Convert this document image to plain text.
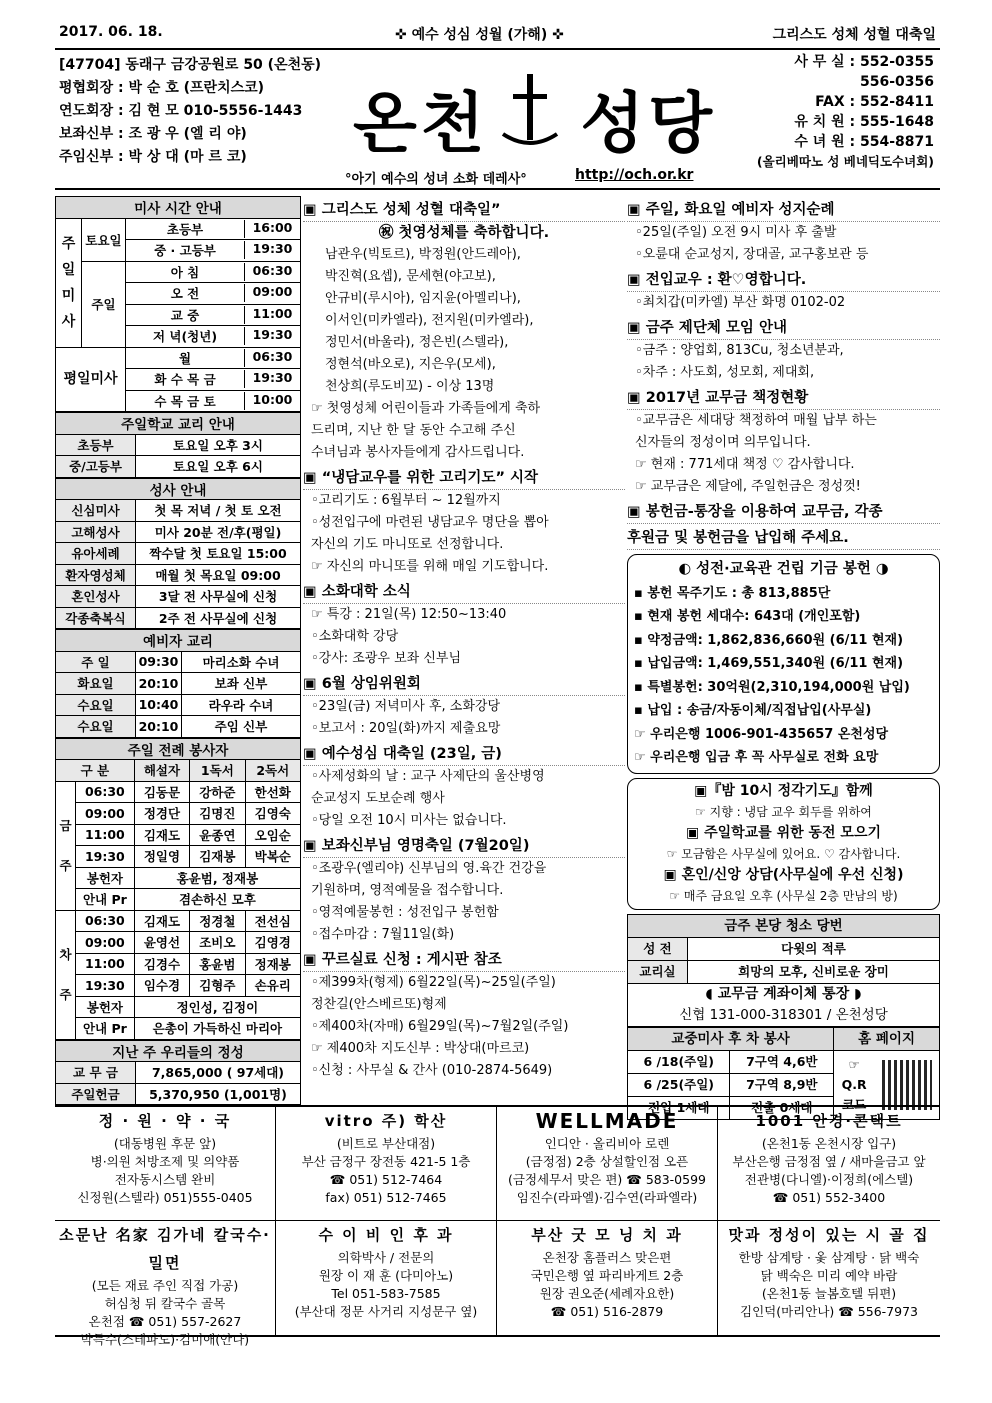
2017. 06. 18.	✜ 예수 성심 성월 (가해) ✜	그리스도 성체 성혈 대축일
[47704] 동래구 금강공원로 50 (온천동)
평협회장 : 박 순 호 (프란치스코)
연도회장 : 김 현 모 010-5556-1443
보좌신부 : 조 광 우 (엘 리 야)
주임신부 : 박 상 대 (마 르 코)	온천 성당
°아기 예수의 성녀 소화 데레사°	http://och.or.kr
사 무 실 : 552-0355
556-0356
FAX : 552-8411
유 치 원 : 555-1648
수 녀 원 : 554-8871
(올리베따노 성 베네딕도수녀회)
미사 시간 안내		
주일미사	토요일	초등부 16:00

		중 · 고등부 19:30

	주일	아 침 06:30

		오 전 09:00

		교 중 11:00

		저 녁(청년) 19:30

평일미사		월 06:30

		화 수 목 금 19:30

		수 목 금 토 10:00
주일학교 교리 안내	
초등부	토요일 오후 3시
중/고등부	토요일 오후 6시
성사 안내	
신심미사	첫 목 저녁 / 첫 토 오전
고해성사	미사 20분 전/후(평일)
유아세례	짝수달 첫 토요일 15:00
환자영성체	매월 첫 목요일 09:00
혼인성사	3달 전 사무실에 신청
각종축복식	2주 전 사무실에 신청
예비자 교리		
주 일	09:30	마리소화 수녀
화요일	20:10	보좌 신부
수요일	10:40	라우라 수녀
수요일	20:10	주임 신부
주일 전례 봉사자				
구 분		해설자	1독서	2독서
금주	06:30	김동문	강하준	한선화
	09:00	정경단	김명진	김영숙
	11:00	김재도	윤종연	오임순
	19:30	정일영	김재봉	박복순
	봉헌자	홍윤범, 정재봉		
	안내 Pr	겸손하신 모후		
차주	06:30	김재도	정경철	전선심
	09:00	윤영선	조비오	김영경
	11:00	김경수	홍윤범	정재봉
	19:30	임수경	김형주	손유리
	봉헌자	정인성, 김정이		
	안내 Pr	은총이 가득하신 마리아		
지난 주 우리들의 정성	
교 무 금	7,865,000 ( 97세대)
주일헌금	5,370,950 (1,001명)
▣ 그리스도 성체 성혈 대축일”
㊗ 첫영성체를 축하합니다.
남관우(빅토르), 박정원(안드레아),
박진혁(요셉), 문세현(야고보),
안규비(루시아), 임지윤(아멜리나),
이서인(미카엘라), 전지원(미카엘라),
정민서(바울라), 정은빈(스텔라),
정현석(바오로), 지은우(모세),
천상희(루도비꼬) - 이상 13명
☞ 첫영성체 어린이들과 가족들에게 축하
드리며, 지난 한 달 동안 수고해 주신
수녀님과 봉사자들에게 감사드립니다.
▣ “냉담교우를 위한 고리기도” 시작
◦고리기도 : 6월부터 ~ 12월까지
◦성전입구에 마련된 냉담교우 명단을 뽑아
자신의 기도 마니또로 선정합니다.
☞ 자신의 마니또를 위해 매일 기도합니다.
▣ 소화대학 소식
☞ 특강 : 21일(목) 12:50~13:40
◦소화대학 강당
◦강사: 조광우 보좌 신부님
▣ 6월 상임위원회
◦23일(금) 저녁미사 후, 소화강당
◦보고서 : 20일(화)까지 제출요망
▣ 예수성심 대축일 (23일, 금)
◦사제성화의 날 : 교구 사제단의 울산병영
순교성지 도보순례 행사
◦당일 오전 10시 미사는 없습니다.
▣ 보좌신부님 영명축일 (7월20일)
◦조광우(엘리야) 신부님의 영.육간 건강을
기원하며, 영적예물을 접수합니다.
◦영적예물봉헌 : 성전입구 봉헌함
◦접수마감 : 7월11일(화)
▣ 꾸르실료 신청 : 게시판 참조
◦제399차(형제) 6월22일(목)~25일(주일)
정찬길(안스베르또)형제
◦제400차(자매) 6월29일(목)~7월2일(주일)
☞ 제400차 지도신부 : 박상대(마르코)
◦신청 : 사무실 & 간사 (010-2874-5649)
▣ 주일, 화요일 예비자 성지순례
◦25일(주일) 오전 9시 미사 후 출발
◦오륜대 순교성지, 장대골, 교구홍보관 등
▣ 전입교우 : 환♡영합니다.
◦최치갑(미카엘) 부산 화명 0102-02
▣ 금주 제단체 모임 안내
◦금주 : 양업회, 813Cu, 청소년분과,
◦차주 : 사도회, 성모회, 제대회,
▣ 2017년 교무금 책정현황
◦교무금은 세대당 책정하여 매월 납부 하는
신자들의 정성이며 의무입니다.
☞ 현재 : 771세대 책정 ♡ 감사합니다.
☞ 교무금은 제달에, 주일헌금은 정성껏!
▣ 봉헌금-통장을 이용하여 교무금, 각종
후원금 및 봉헌금을 납입해 주세요.
◐ 성전·교육관 건립 기금 봉헌 ◑
▪ 봉헌 목주기도 : 총 813,885단
▪ 현재 봉헌 세대수: 643대 (개인포함)
▪ 약정금액: 1,862,836,660원 (6/11 현재)
▪ 납입금액: 1,469,551,340원 (6/11 현재)
▪ 특별봉헌: 30억원(2,310,194,000원 납입)
▪ 납입 : 송금/자동이체/직접납입(사무실)
☞ 우리은행 1006-901-435657 온천성당
☞ 우리은행 입금 후 꼭 사무실로 전화 요망
▣『밤 10시 정각기도』함께
☞ 지향 : 냉담 교우 회두를 위하여
▣ 주일학교를 위한 동전 모으기
☞ 모금함은 사무실에 있어요. ♡ 감사합니다.
▣ 혼인/신앙 상담(사무실에 우선 신청)
☞ 매주 금요일 오후 (사무실 2층 만남의 방)
금주 본당 청소 당번	
성 전	다윗의 적루
교리실	희망의 모후, 신비로운 장미
◖ 교무금 계좌이체 통장 ◗
신협 131-000-318301 / 온천성당
교중미사 후 차 봉사		홈 페이지
6 /18(주일)	7구역 4,6반	☞
Q.R
코드

6 /25(주일)	7구역 8,9반	
전입 1세대	전출 0세대	
정 · 원 · 약 · 국
(대동병원 후문 앞)
병·의원 처방조제 및 의약품
전자동시스템 완비
신정원(스텔라) 051)555-0405
vitro 주) 학산
(비트로 부산대점)
부산 금정구 장전동 421-5 1층
☎ 051) 512-7464
fax) 051) 512-7465
WELLMADE
인디안 · 올리비아 로렌
(금정점) 2층 상설할인점 오픈
(금정세무서 맞은 편) ☎ 583-0599
임진수(라파엘)·김수연(라파엘라)
1001 안경·콘택트
(온천1동 온천시장 입구)
부산은행 금정점 옆 / 새마을금고 앞
전관병(다니엘)·이정희(에스텔)
☎ 051) 552-3400
소문난 名家 김가네 칼국수·밀면
(모든 재료 주인 직접 가공)
허심청 뒤 칼국수 골목
온천점 ☎ 051) 557-2627
박득수(스테파노)·김미애(안나)
수 이 비 인 후 과
의학박사 / 전문의
원장 이 재 훈 (다미아노)
Tel 051-583-7585
(부산대 정문 사거리 지성문구 옆)
부산 굿 모 닝 치 과
온천장 홈플러스 맞은편
국민은행 옆 파리바게트 2층
원장 권오준(세례자요한)
☎ 051) 516-2879
맛과 정성이 있는 시 골 집
한방 삼계탕 · 옻 삼계탕 · 닭 백숙
닭 백숙은 미리 예약 바람
(온천1동 늘봄호텔 뒤편)
김인덕(마리안나) ☎ 556-7973
